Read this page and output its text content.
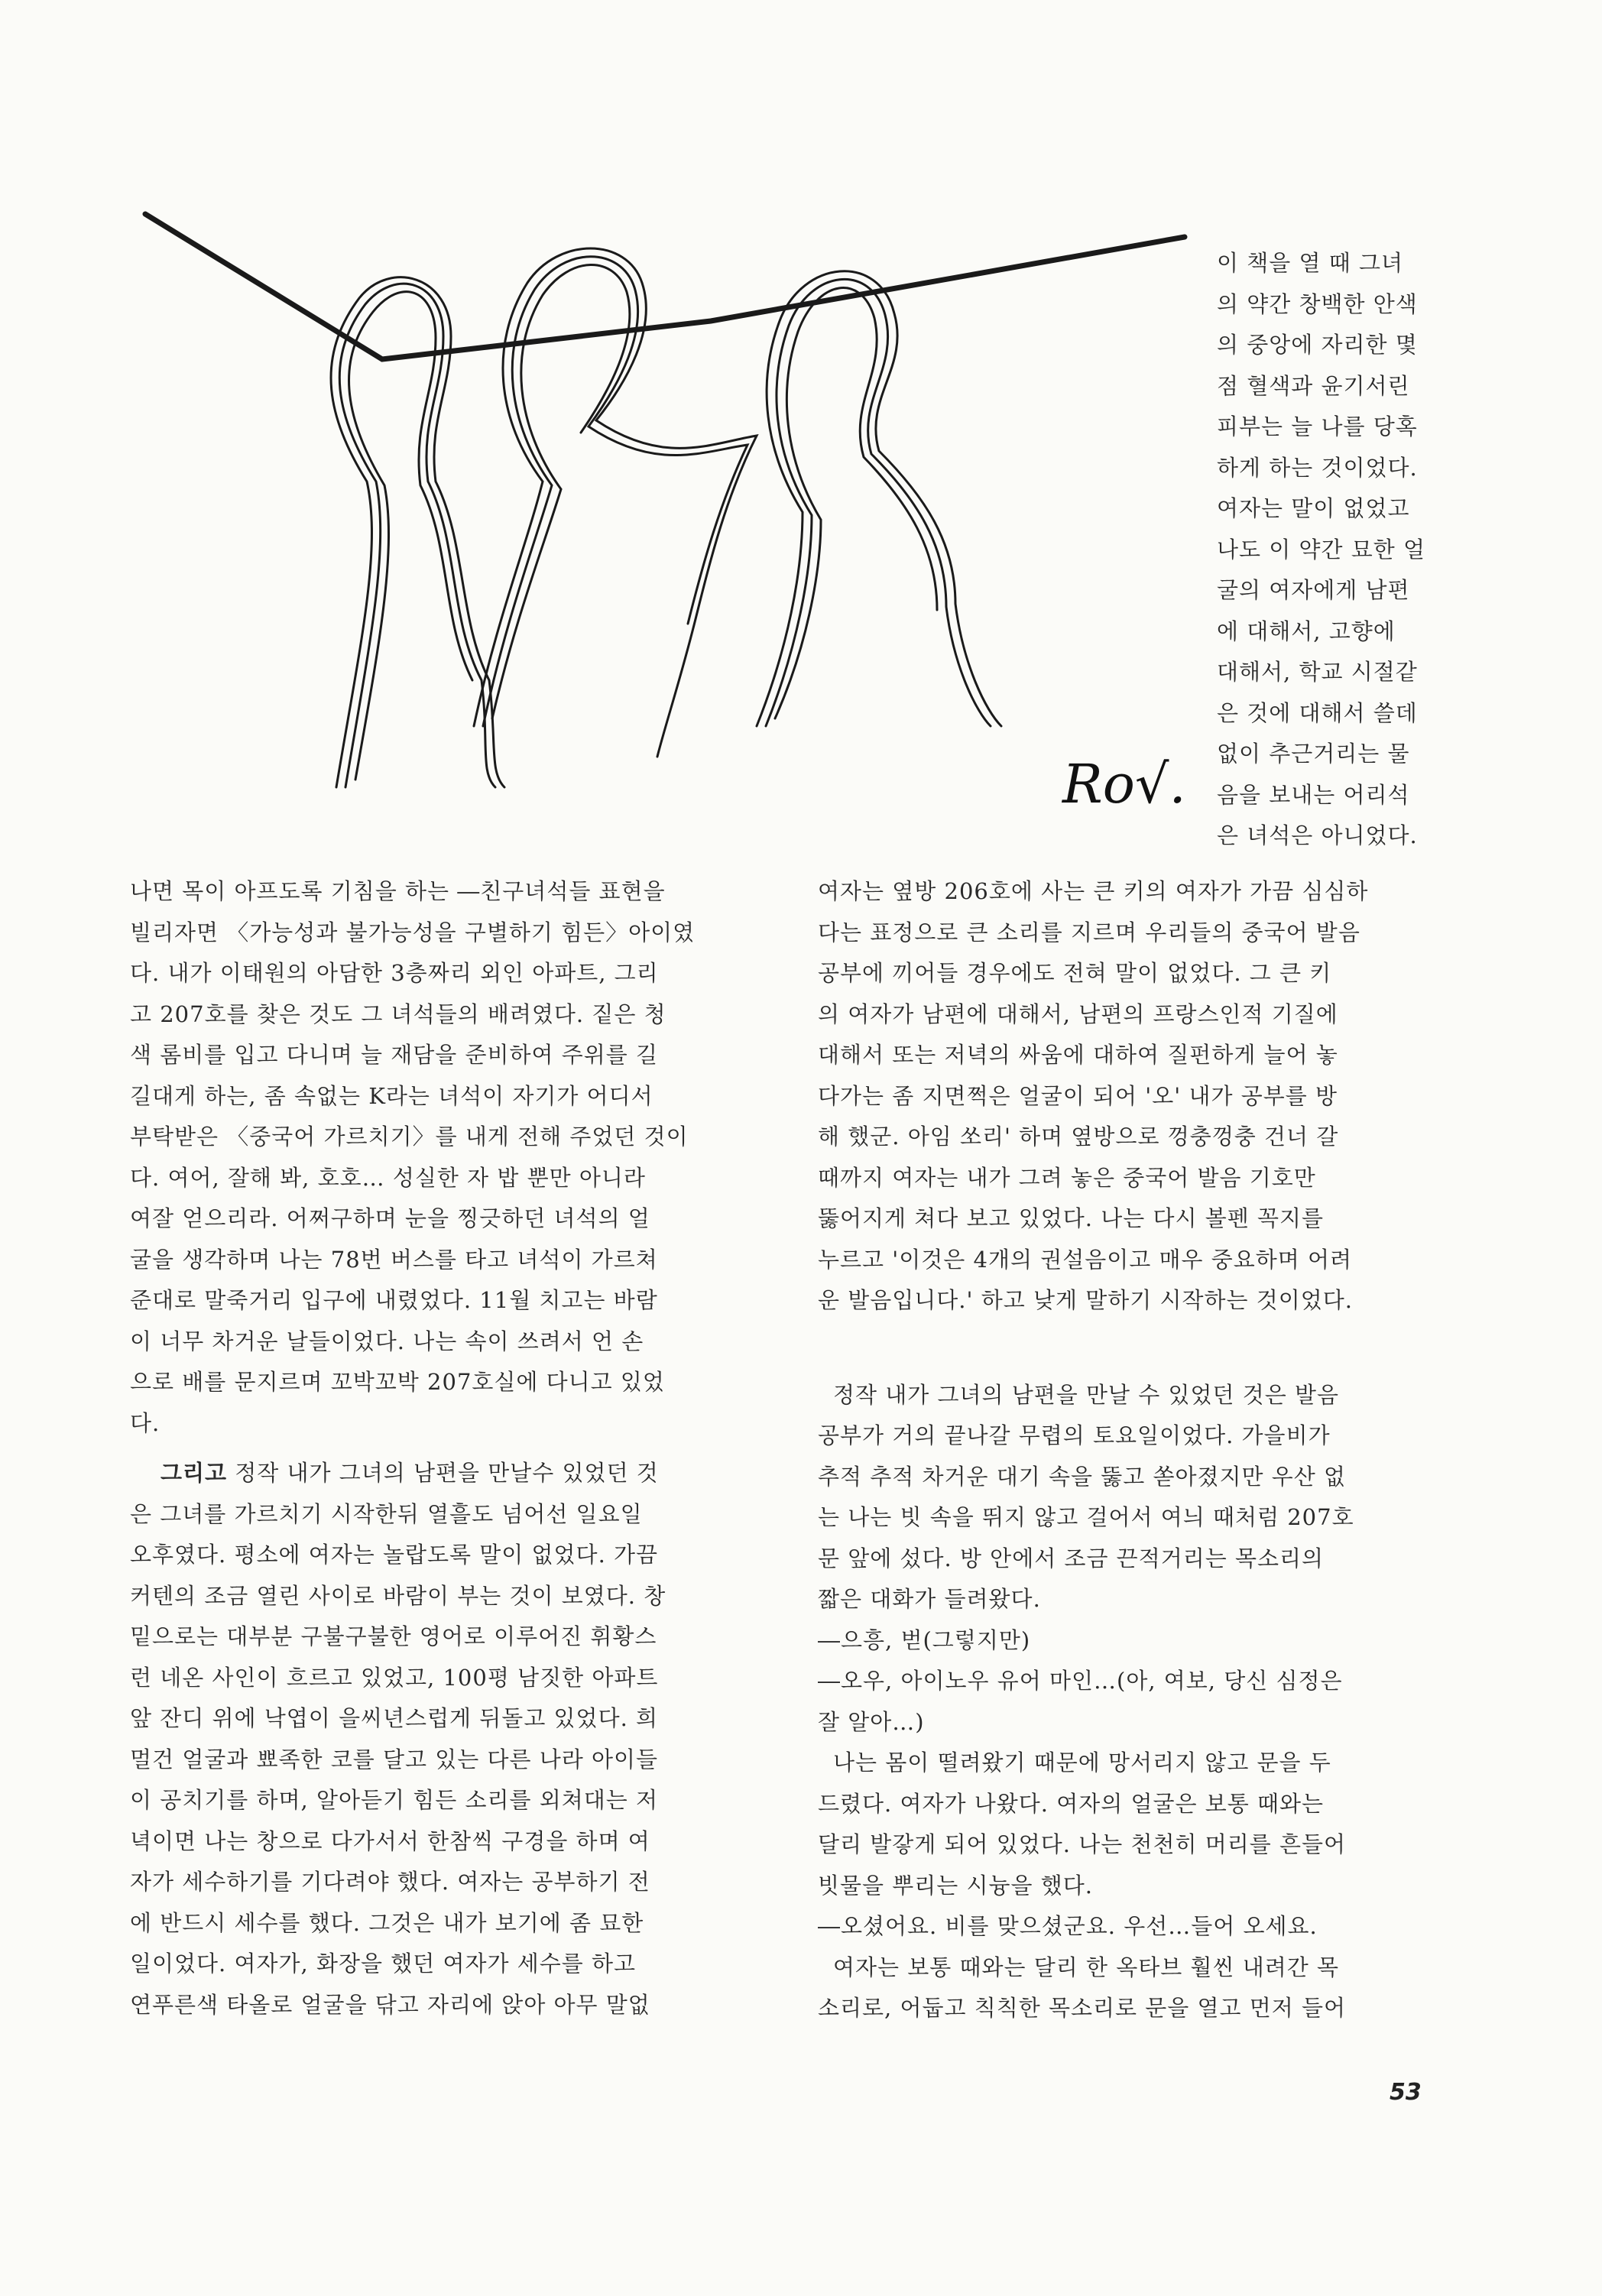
Ro√.

이 책을 열 때 그녀

의 약간 창백한 안색

의 중앙에 자리한 몇

점 혈색과 윤기서린

피부는 늘 나를 당혹

하게 하는 것이었다.

여자는 말이 없었고

나도 이 약간 묘한 얼

굴의 여자에게 남편

에 대해서, 고향에

대해서, 학교 시절같

은 것에 대해서 쓸데

없이 추근거리는 물

음을 보내는 어리석

은 녀석은 아니었다.

나면 목이 아프도록 기침을 하는 ―친구녀석들 표현을

빌리자면 〈가능성과 불가능성을 구별하기 힘든〉아이였

다. 내가 이태원의 아담한 3층짜리 외인 아파트, 그리

고 207호를 찾은 것도 그 녀석들의 배려였다. 짙은 청

색 롬비를 입고 다니며 늘 재담을 준비하여 주위를 길

길대게 하는, 좀 속없는 K라는 녀석이 자기가 어디서

부탁받은 〈중국어 가르치기〉를 내게 전해 주었던 것이

다. 여어, 잘해 봐, 호호… 성실한 자 밥 뿐만 아니라

여잘 얻으리라. 어쩌구하며 눈을 찡긋하던 녀석의 얼

굴을 생각하며 나는 78번 버스를 타고 녀석이 가르쳐

준대로 말죽거리 입구에 내렸었다. 11월 치고는 바람

이 너무 차거운 날들이었다. 나는 속이 쓰려서 언 손

으로 배를 문지르며 꼬박꼬박 207호실에 다니고 있었

다.

그리고 정작 내가 그녀의 남편을 만날수 있었던 것

은 그녀를 가르치기 시작한뒤 열흘도 넘어선 일요일

오후였다. 평소에 여자는 놀랍도록 말이 없었다. 가끔

커텐의 조금 열린 사이로 바람이 부는 것이 보였다. 창

밑으로는 대부분 구불구불한 영어로 이루어진 휘황스

런 네온 사인이 흐르고 있었고, 100평 남짓한 아파트

앞 잔디 위에 낙엽이 을씨년스럽게 뒤돌고 있었다. 희

멀건 얼굴과 뾰족한 코를 달고 있는 다른 나라 아이들

이 공치기를 하며, 알아듣기 힘든 소리를 외쳐대는 저

녁이면 나는 창으로 다가서서 한참씩 구경을 하며 여

자가 세수하기를 기다려야 했다. 여자는 공부하기 전

에 반드시 세수를 했다. 그것은 내가 보기에 좀 묘한

일이었다. 여자가, 화장을 했던 여자가 세수를 하고

연푸른색 타올로 얼굴을 닦고 자리에 앉아 아무 말없

여자는 옆방 206호에 사는 큰 키의 여자가 가끔 심심하

다는 표정으로 큰 소리를 지르며 우리들의 중국어 발음

공부에 끼어들 경우에도 전혀 말이 없었다. 그 큰 키

의 여자가 남편에 대해서, 남편의 프랑스인적 기질에

대해서 또는 저녁의 싸움에 대하여 질펀하게 늘어 놓

다가는 좀 지면쩍은 얼굴이 되어 '오' 내가 공부를 방

해 했군. 아임 쏘리' 하며 옆방으로 껑충껑충 건너 갈

때까지 여자는 내가 그려 놓은 중국어 발음 기호만

뚫어지게 쳐다 보고 있었다. 나는 다시 볼펜 꼭지를

누르고 '이것은 4개의 권설음이고 매우 중요하며 어려

운 발음입니다.' 하고 낮게 말하기 시작하는 것이었다.

정작 내가 그녀의 남편을 만날 수 있었던 것은 발음

공부가 거의 끝나갈 무렵의 토요일이었다. 가을비가

추적 추적 차거운 대기 속을 뚫고 쏟아졌지만 우산 없

는 나는 빗 속을 뛰지 않고 걸어서 여늬 때처럼 207호

문 앞에 섰다. 방 안에서 조금 끈적거리는 목소리의

짧은 대화가 들려왔다.

―으흥, 벋(그렇지만)

―오우, 아이노우 유어 마인…(아, 여보, 당신 심정은

잘 알아…)

나는 몸이 떨려왔기 때문에 망서리지 않고 문을 두

드렸다. 여자가 나왔다. 여자의 얼굴은 보통 때와는

달리 발갛게 되어 있었다. 나는 천천히 머리를 흔들어

빗물을 뿌리는 시늉을 했다.

―오셨어요. 비를 맞으셨군요. 우선…들어 오세요.

여자는 보통 때와는 달리 한 옥타브 훨씬 내려간 목

소리로, 어둡고 칙칙한 목소리로 문을 열고 먼저 들어

53
